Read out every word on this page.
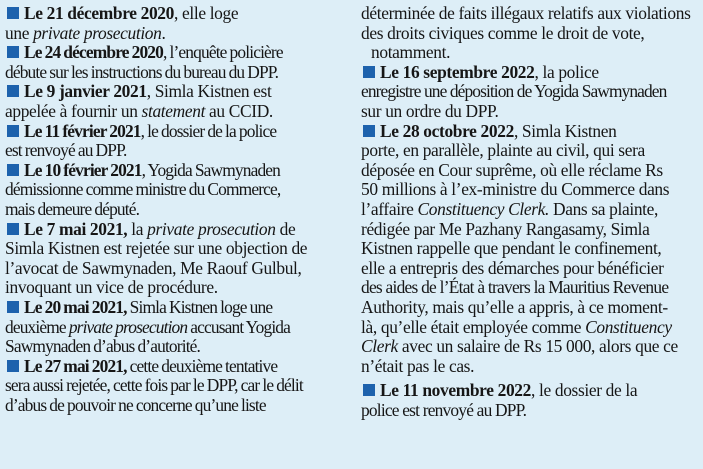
Le 21 décembre 2020, elle loge
une private prosecution.

Le 24 décembre 2020, l’enquête policière
débute sur les instructions du bureau du DPP.

Le 9 janvier 2021, Simla Kistnen est
appelée à fournir un statement au CCID.

Le 11 février 2021, le dossier de la police
est renvoyé au DPP.

Le 10 février 2021, Yogida Sawmynaden
démissionne comme ministre du Commerce,
mais demeure député.

Le 7 mai 2021, la private prosecution de
Simla Kistnen est rejetée sur une objection de
l’avocat de Sawmynaden, Me Raouf Gulbul,
invoquant un vice de procédure.

Le 20 mai 2021, Simla Kistnen loge une
deuxième private prosecution accusant Yogida
Sawmynaden d’abus d’autorité.

Le 27 mai 2021, cette deuxième tentative
sera aussi rejetée, cette fois par le DPP, car le délit
d’abus de pouvoir ne concerne qu’une liste

déterminée de faits illégaux relatifs aux violations
des droits civiques comme le droit de vote,
notamment.

Le 16 septembre 2022, la police
enregistre une déposition de Yogida Sawmynaden
sur un ordre du DPP.

Le 28 octobre 2022, Simla Kistnen
porte, en parallèle, plainte au civil, qui sera
déposée en Cour suprême, où elle réclame Rs
50 millions à l’ex-ministre du Commerce dans
l’affaire Constituency Clerk. Dans sa plainte,
rédigée par Me Pazhany Rangasamy, Simla
Kistnen rappelle que pendant le confinement,
elle a entrepris des démarches pour bénéficier
des aides de l’État à travers la Mauritius Revenue
Authority, mais qu’elle a appris, à ce moment-
là, qu’elle était employée comme Constituency
Clerk avec un salaire de Rs 15 000, alors que ce
n’était pas le cas.

Le 11 novembre 2022, le dossier de la
police est renvoyé au DPP.
